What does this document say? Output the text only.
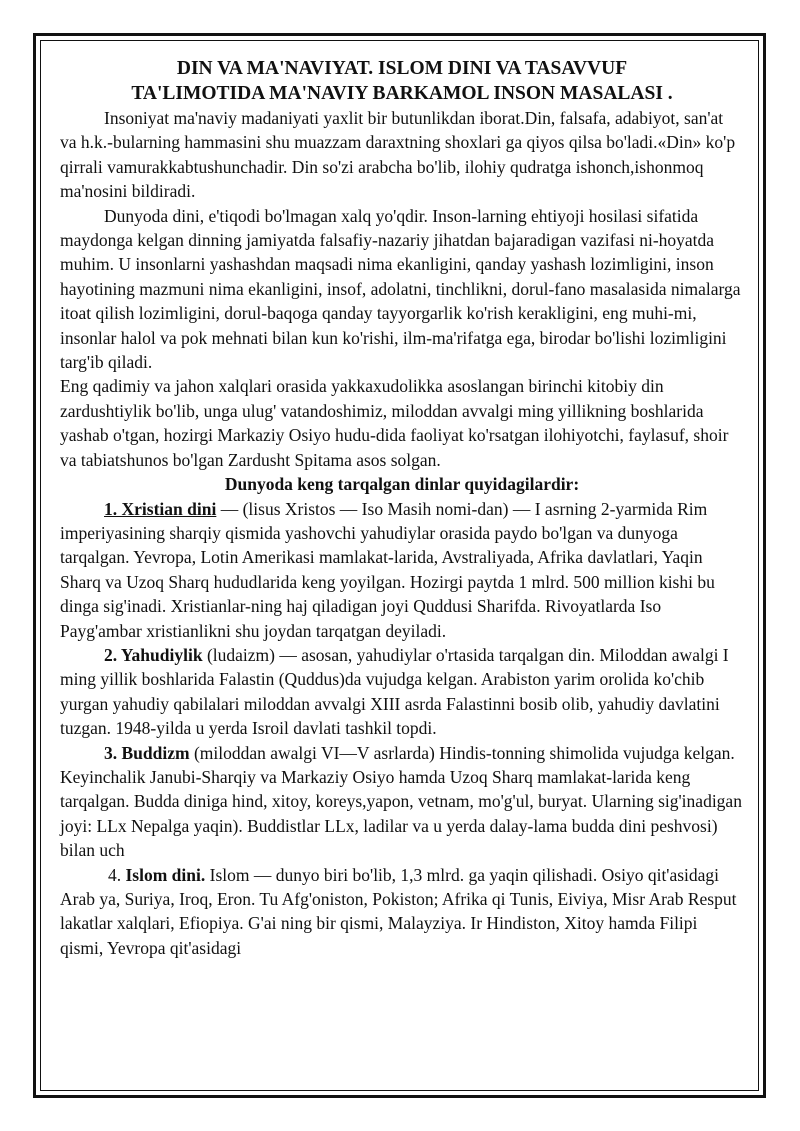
DIN VA MA'NAVIYAT. ISLOM DINI VA TASAVVUF
TA'LIMOTIDA MA'NAVIY BARKAMOL INSON MASALASI .

Insoniyat ma'naviy madaniyati yaxlit bir butunlikdan iborat.Din, falsafa, adabiyot, san'at va h.k.-bularning hammasini shu muazzam daraxtning shoxlari ga qiyos qilsa bo'ladi.«Din» ko'p qirrali vamurakkabtushunchadir. Din so'zi arabcha bo'lib, ilohiy qudratga ishonch,ishonmoq ma'nosini bildiradi.

Dunyoda dini, e'tiqodi bo'lmagan xalq yo'qdir. Inson-larning ehtiyoji hosilasi sifatida maydonga kelgan dinning jamiyatda falsafiy-nazariy jihatdan bajaradigan vazifasi ni-hoyatda muhim. U insonlarni yashashdan maqsadi nima ekanligini, qanday yashash lozimligini, inson hayotining mazmuni nima ekanligini, insof, adolatni, tinchlikni, dorul-fano masalasida nimalarga itoat qilish lozimligini, dorul-baqoga qanday tayyorgarlik ko'rish kerakligini, eng muhi-mi, insonlar halol va pok mehnati bilan kun ko'rishi, ilm-ma'rifatga ega, birodar bo'lishi lozimligini targ'ib qiladi.

Eng qadimiy va jahon xalqlari orasida yakkaxudolikka asoslangan birinchi kitobiy din zardushtiylik bo'lib, unga ulug' vatandoshimiz, miloddan avvalgi ming yillikning boshlarida yashab o'tgan, hozirgi Markaziy Osiyo hudu-dida faoliyat ko'rsatgan ilohiyotchi, faylasuf, shoir va tabiatshunos bo'lgan Zardusht Spitama asos solgan.

Dunyoda keng tarqalgan dinlar quyidagilardir:

1. Xristian dini — (lisus Xristos — Iso Masih nomi-dan) — I asrning 2-yarmida Rim imperiyasining sharqiy qismida yashovchi yahudiylar orasida paydo bo'lgan va dunyoga tarqalgan. Yevropa, Lotin Amerikasi mamlakat-larida, Avstraliyada, Afrika davlatlari, Yaqin Sharq va Uzoq Sharq hududlarida keng yoyilgan. Hozirgi paytda 1 mlrd. 500 million kishi bu dinga sig'inadi. Xristianlar-ning haj qiladigan joyi Quddusi Sharifda. Rivoyatlarda Iso Payg'ambar xristianlikni shu joydan tarqatgan deyiladi.

2. Yahudiylik (ludaizm) — asosan, yahudiylar o'rtasida tarqalgan din. Miloddan awalgi I ming yillik boshlarida Falastin (Quddus)da vujudga kelgan. Arabiston yarim orolida ko'chib yurgan yahudiy qabilalari miloddan avvalgi XIII asrda Falastinni bosib olib, yahudiy davlatini tuzgan. 1948-yilda u yerda Isroil davlati tashkil topdi.

3. Buddizm (miloddan awalgi VI—V asrlarda) Hindis-tonning shimolida vujudga kelgan. Keyinchalik Janubi-Sharqiy va Markaziy Osiyo hamda Uzoq Sharq mamlakat-larida keng tarqalgan. Budda diniga hind, xitoy, koreys,yapon, vetnam, mo'g'ul, buryat. Ularning sig'inadigan joyi: LLx Nepalga yaqin). Buddistlar LLx, ladilar va u yerda dalay-lama budda dini peshvosi) bilan uch

4. Islom dini. Islom — dunyo biri bo'lib, 1,3 mlrd. ga yaqin qilishadi. Osiyo qit'asidagi Arab ya, Suriya, Iroq, Eron. Tu Afg'oniston, Pokiston; Afrika qi Tunis, Eiviya, Misr Arab Resput lakatlar xalqlari, Efiopiya. G'ai ning bir qismi, Malayziya. Ir Hindiston, Xitoy hamda Filipi qismi, Yevropa qit'asidagi
